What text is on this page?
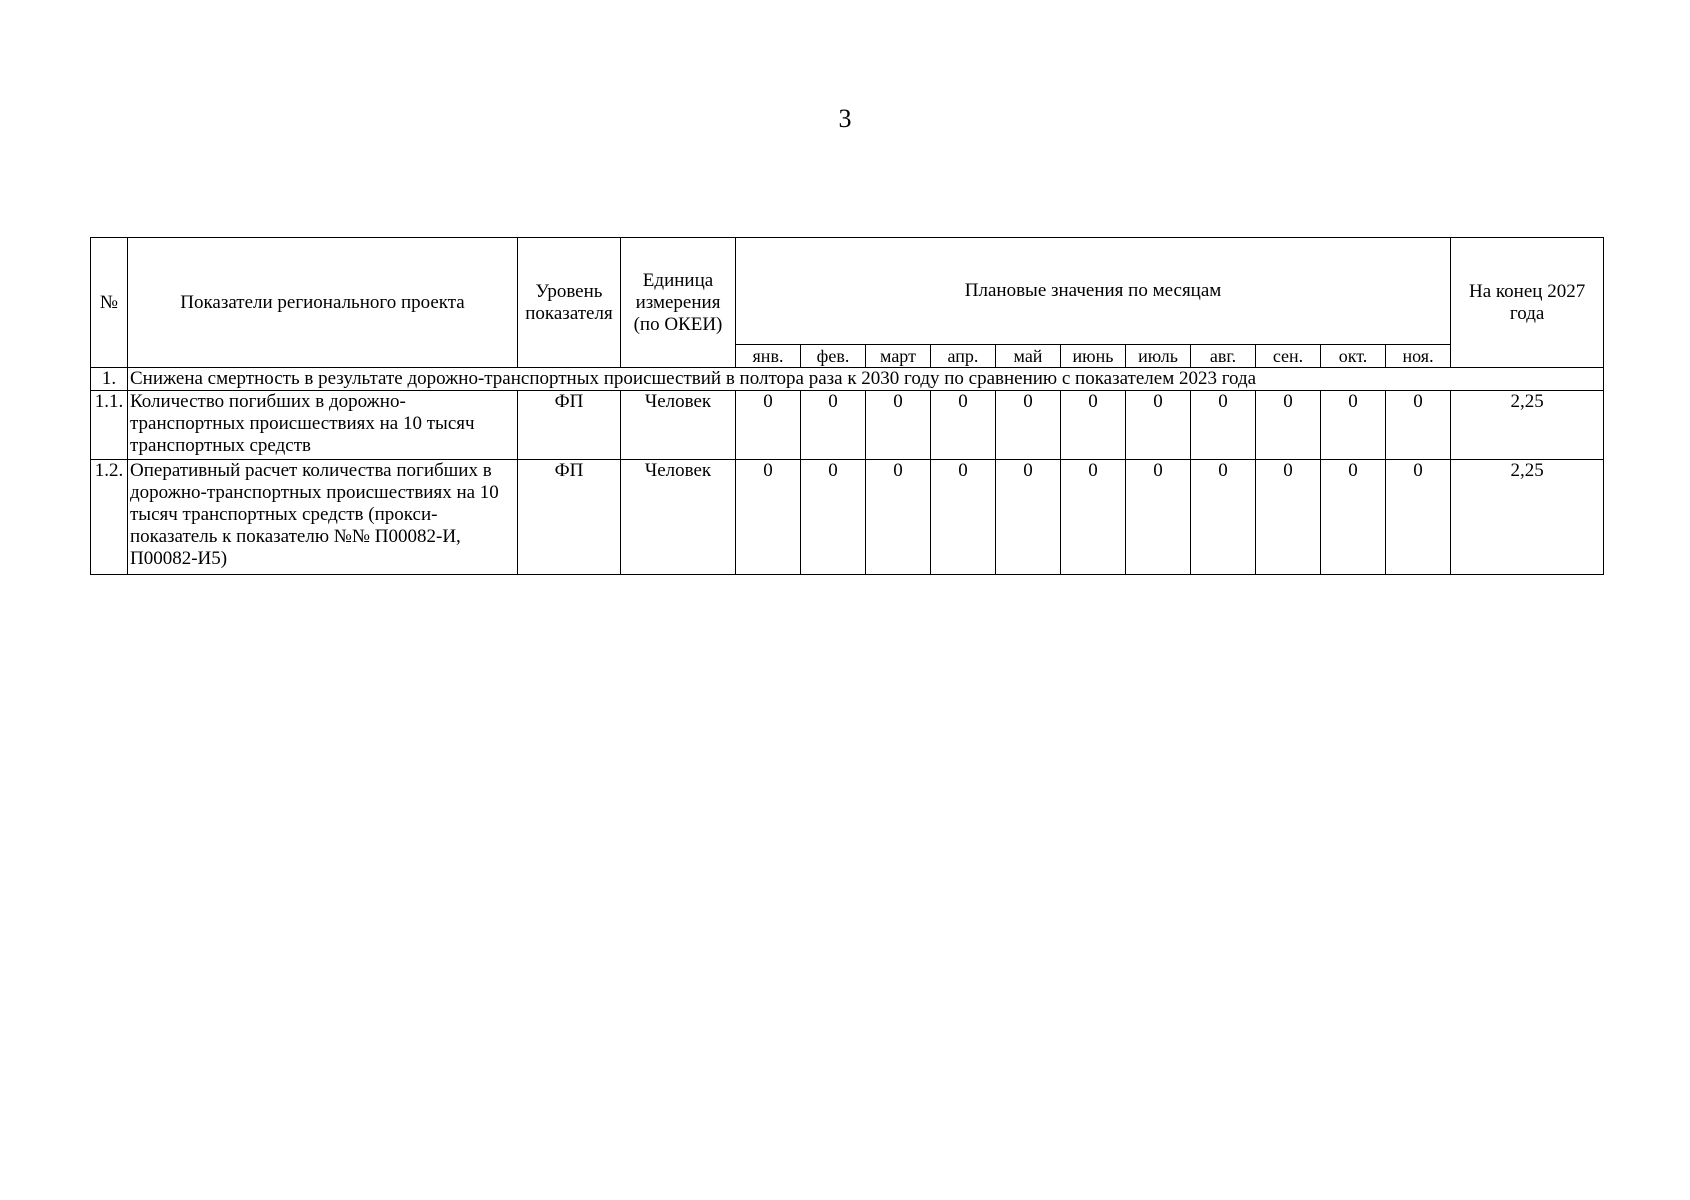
3
№	Показатели регионального проекта	Уровень показателя	Единица измерения (по ОКЕИ)	Плановые значения по месяцам											На конец 2027 года
				янв.	фев.	март	апр.	май	июнь	июль	авг.	сен.	окт.	ноя.	
1.	Снижена смертность в результате дорожно-транспортных происшествий в полтора раза к 2030 году по сравнению с показателем 2023 года														
1.1.	Количество погибших в дорожно-транспортных происшествиях на 10 тысяч транспортных средств	ФП	Человек	0	0	0	0	0	0	0	0	0	0	0	2,25
1.2.	Оперативный расчет количества погибших в дорожно-транспортных происшествиях на 10 тысяч транспортных средств (прокси-показатель к показателю №№ П00082-И, П00082-И5)	ФП	Человек	0	0	0	0	0	0	0	0	0	0	0	2,25
